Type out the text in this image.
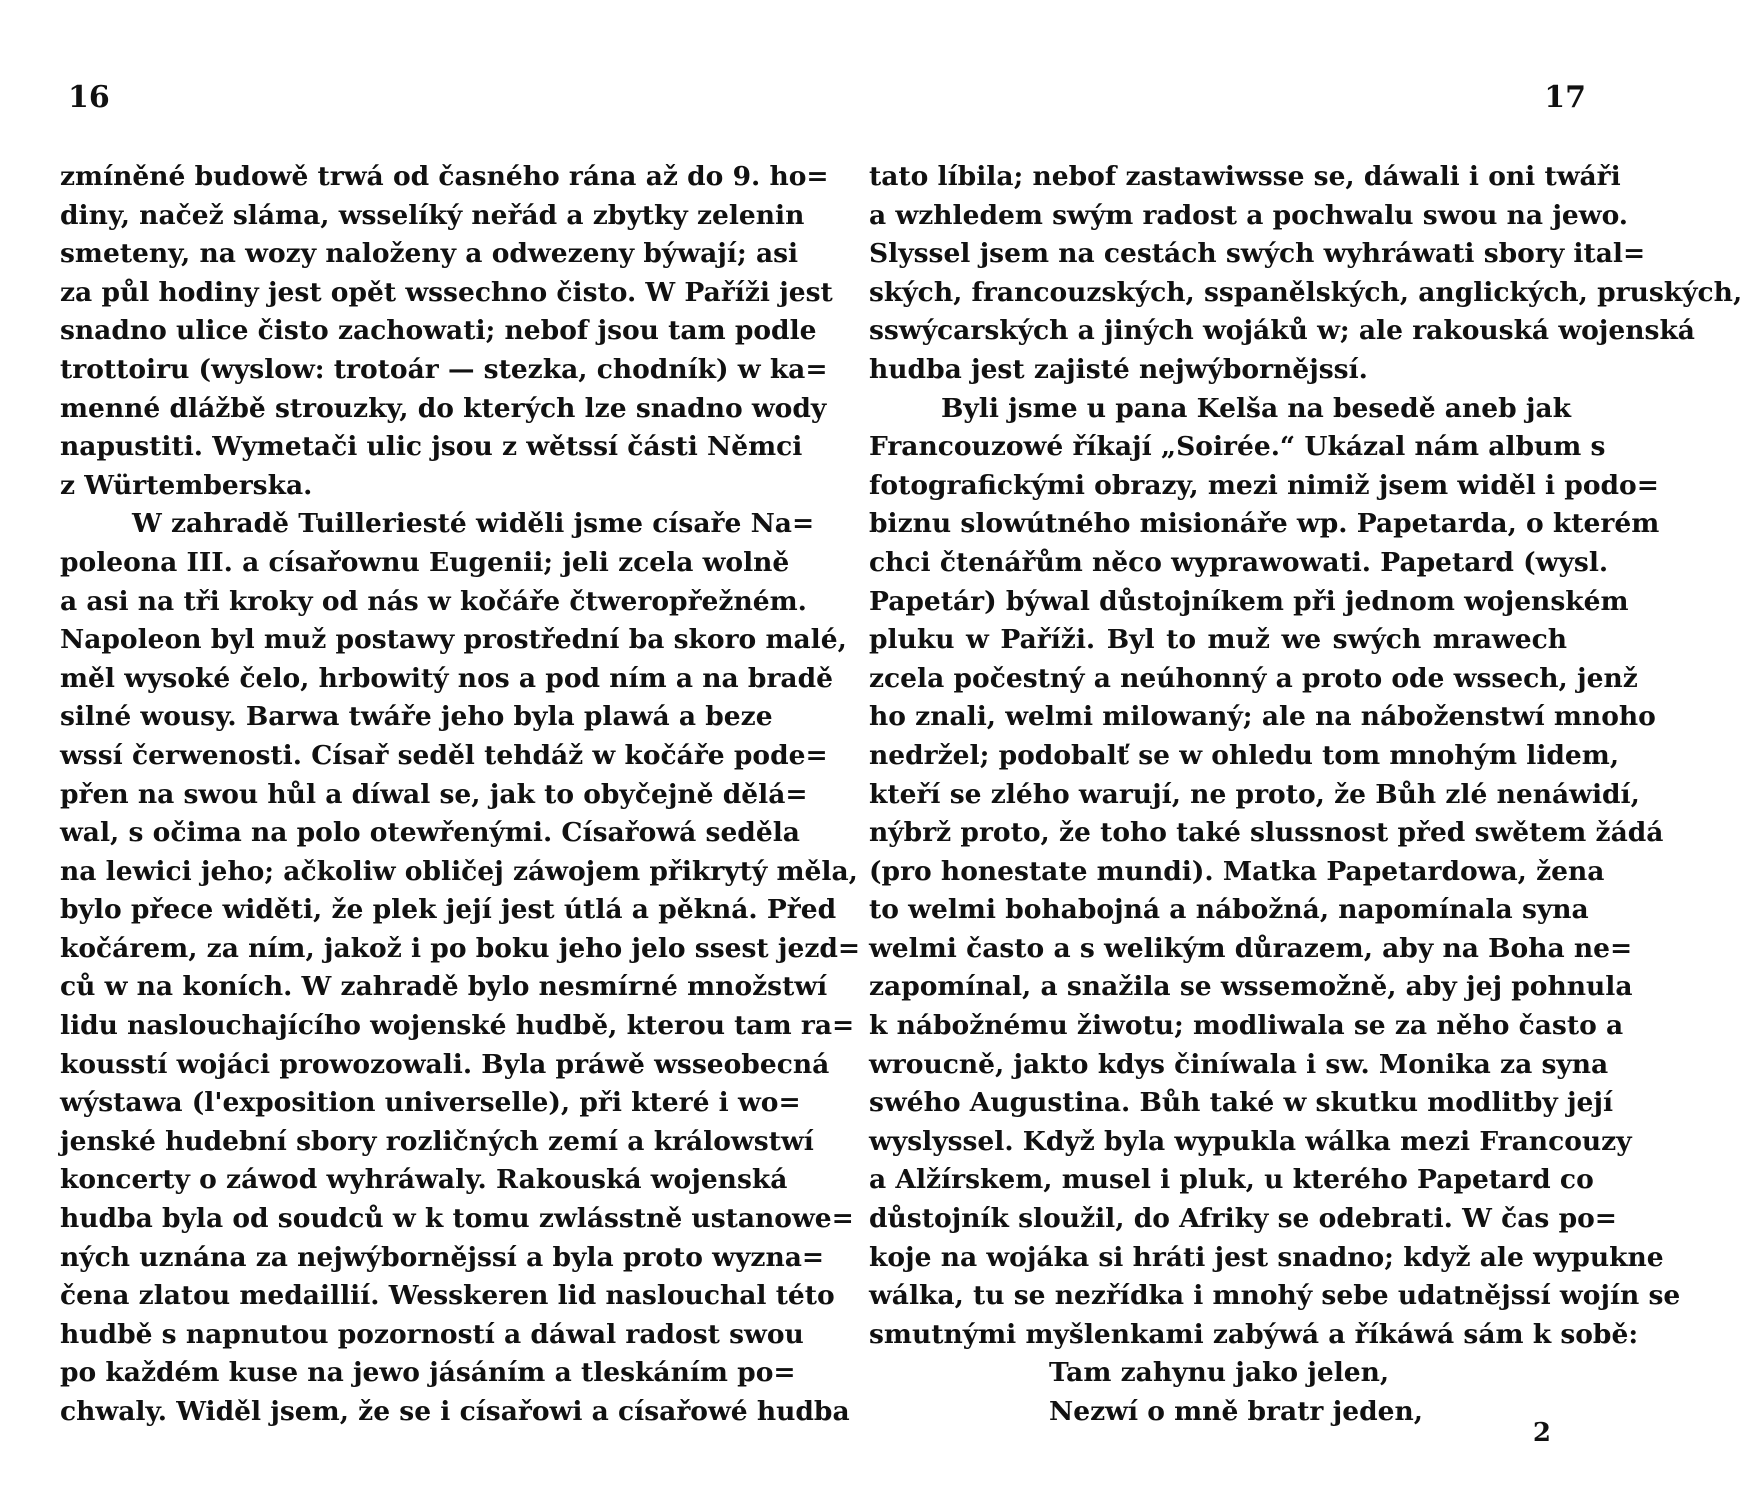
16
zmíněné budowě trwá od časného rána až do 9. ho=
diny, načež sláma, wsselíký neřád a zbytky zelenin
smeteny, na wozy naloženy a odwezeny býwají; asi
za půl hodiny jest opět wssechno čisto. W Paříži jest
snadno ulice čisto zachowati; nebof jsou tam podle
trottoiru (wyslow: trotoár — stezka, chodník) w ka=
menné dlážbě strouzky, do kterých lze snadno wody
napustiti. Wymetači ulic jsou z wětssí části Němci
z Würtemberska.
W zahradě Tuilleriesté widěli jsme císaře Na=
poleona III. a císařownu Eugenii; jeli zcela wolně
a asi na tři kroky od nás w kočáře čtweropřežném.
Napoleon byl muž postawy prostřední ba skoro malé,
měl wysoké čelo, hrbowitý nos a pod ním a na bradě
silné wousy. Barwa twáře jeho byla plawá a beze
wssí čerwenosti. Císař seděl tehdáž w kočáře pode=
přen na swou hůl a díwal se, jak to obyčejně dělá=
wal, s očima na polo otewřenými. Císařowá seděla
na lewici jeho; ačkoliw obličej záwojem přikrytý měla,
bylo přece widěti, že plek její jest útlá a pěkná. Před
kočárem, za ním, jakož i po boku jeho jelo ssest jezd=
ců w na koních. W zahradě bylo nesmírné množstwí
lidu naslouchajícího wojenské hudbě, kterou tam ra=
kousstí wojáci prowozowali. Byla práwě wsseobecná
wýstawa (l'exposition universelle), při které i wo=
jenské hudební sbory rozličných zemí a králowstwí
koncerty o záwod wyhráwaly. Rakouská wojenská
hudba byla od soudců w k tomu zwlásstně ustanowe=
ných uznána za nejwýbornějssí a byla proto wyzna=
čena zlatou medaillií. Wesskeren lid naslouchal této
hudbě s napnutou pozorností a dáwal radost swou
po každém kuse na jewo jásáním a tleskáním po=
chwaly. Widěl jsem, že se i císařowi a císařowé hudba
17
tato líbila; nebof zastawiwsse se, dáwali i oni twáři
a wzhledem swým radost a pochwalu swou na jewo.
Slyssel jsem na cestách swých wyhráwati sbory ital=
ských, francouzských, sspanělských, anglických, pruských,
sswýcarských a jiných wojáků w; ale rakouská wojenská
hudba jest zajisté nejwýbornějssí.
Byli jsme u pana Kelša na besedě aneb jak
Francouzowé říkají „Soirée.“ Ukázal nám album s
fotografickými obrazy, mezi nimiž jsem widěl i podo=
biznu slowútného misionáře wp. Papetarda, o kterém
chci čtenářům něco wyprawowati. Papetard (wysl.
Papetár) býwal důstojníkem při jednom wojenském
pluku w Paříži. Byl to muž we swých mrawech
zcela počestný a neúhonný a proto ode wssech, jenž
ho znali, welmi milowaný; ale na náboženstwí mnoho
nedržel; podobalť se w ohledu tom mnohým lidem,
kteří se zlého warují, ne proto, že Bůh zlé nenáwidí,
nýbrž proto, že toho také slussnost před swětem žádá
(pro honestate mundi). Matka Papetardowa, žena
to welmi bohabojná a nábožná, napomínala syna
welmi často a s welikým důrazem, aby na Boha ne=
zapomínal, a snažila se wssemožně, aby jej pohnula
k nábožnému žiwotu; modliwala se za něho často a
wroucně, jakto kdys činíwala i sw. Monika za syna
swého Augustina. Bůh také w skutku modlitby její
wyslyssel. Když byla wypukla wálka mezi Francouzy
a Alžírskem, musel i pluk, u kterého Papetard co
důstojník sloužil, do Afriky se odebrati. W čas po=
koje na wojáka si hráti jest snadno; když ale wypukne
wálka, tu se nezřídka i mnohý sebe udatnějssí wojín se
smutnými myšlenkami zabýwá a říkáwá sám k sobě:
Tam zahynu jako jelen,
Nezwí o mně bratr jeden,
2
